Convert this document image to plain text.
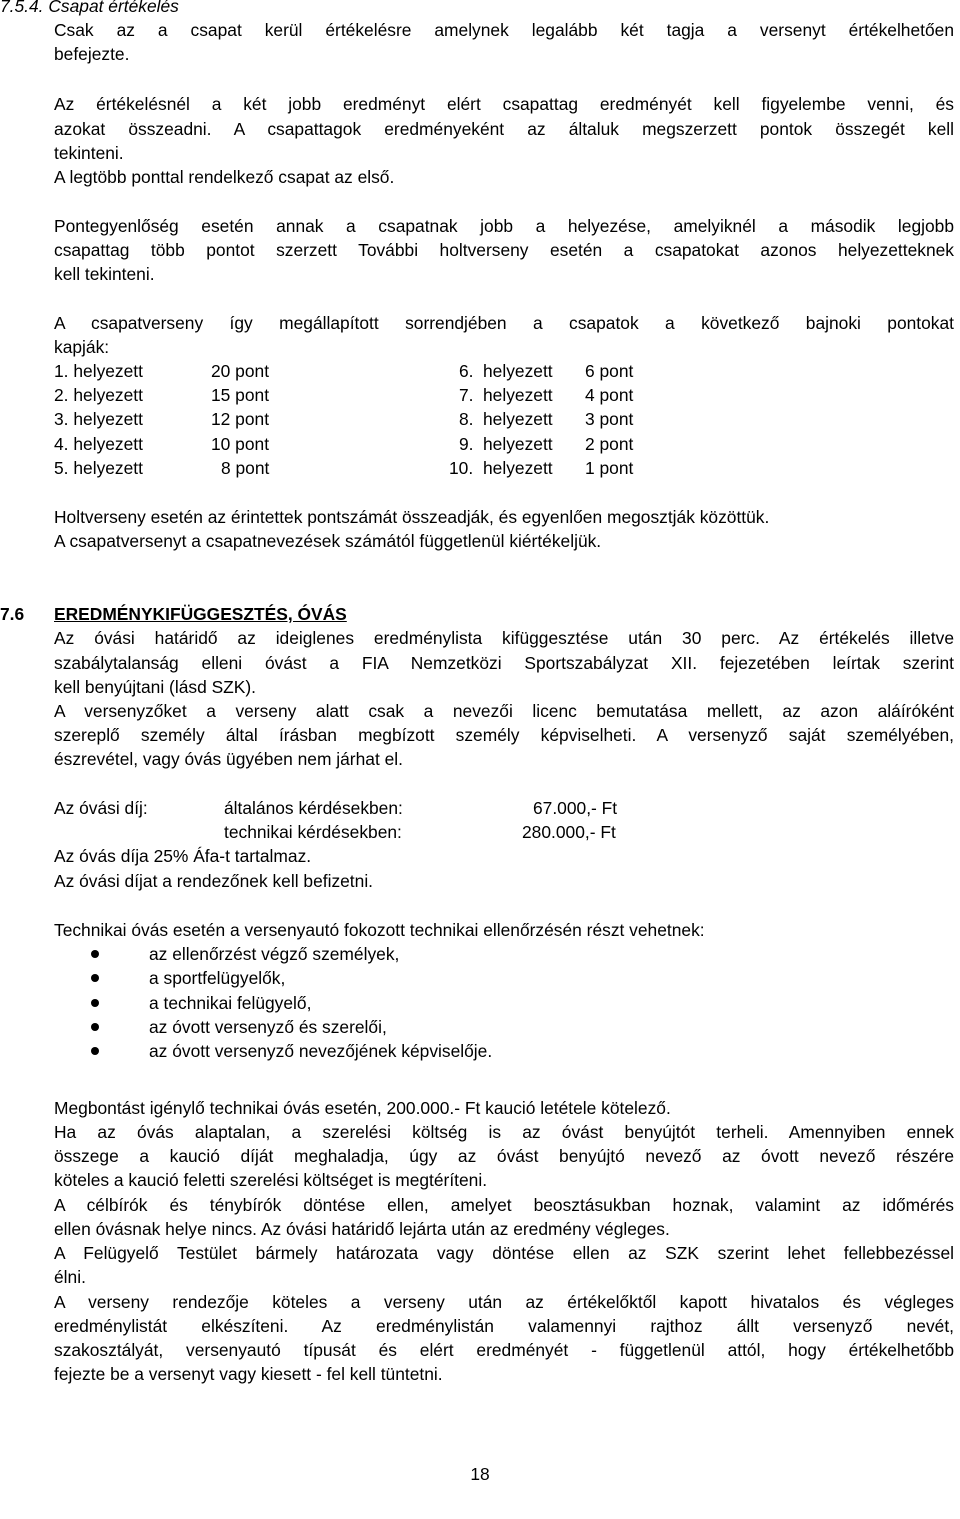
7.5.4. Csapat értékelés
Csak az a csapat kerül értékelésre amelynek legalább két tagja a versenyt értékelhetően
befejezte.
Az értékelésnél a két jobb eredményt elért csapattag eredményét kell figyelembe venni, és
azokat összeadni. A csapattagok eredményeként az általuk megszerzett pontok összegét kell
tekinteni.
A legtöbb ponttal rendelkező csapat az első.
Pontegyenlőség esetén annak a csapatnak jobb a helyezése, amelyiknél a második legjobb
csapattag több pontot szerzett További holtverseny esetén a csapatokat azonos helyezetteknek
kell tekinteni.
A csapatverseny így megállapított sorrendjében a csapatok a következő bajnoki pontokat
kapják:
1. helyezett	20 pont
2. helyezett	15 pont
3. helyezett	12 pont
4. helyezett	10 pont
5. helyezett	8 pont
6. helyezett 6 pont
7. helyezett 4 pont
8. helyezett 3 pont
9. helyezett 2 pont
10. helyezett 1 pont
Holtverseny esetén az érintettek pontszámát összeadják, és egyenlően megosztják közöttük.
A csapatversenyt a csapatnevezések számától függetlenül kiértékeljük.
7.6 EREDMÉNYKIFÜGGESZTÉS, ÓVÁS
Az óvási határidő az ideiglenes eredménylista kifüggesztése után 30 perc. Az értékelés illetve
szabálytalanság elleni óvást a FIA Nemzetközi Sportszabályzat XII. fejezetében leírtak szerint
kell benyújtani (lásd SZK).
A versenyzőket a verseny alatt csak a nevezői licenc bemutatása mellett, az azon aláíróként
szereplő személy által írásban megbízott személy képviselheti. A versenyző saját személyében,
észrevétel, vagy óvás ügyében nem járhat el.
Az óvási díj:	általános kérdésekben:	67.000,- Ft
technikai kérdésekben:	280.000,- Ft
Az óvás díja 25% Áfa-t tartalmaz.
Az óvási díjat a rendezőnek kell befizetni.
Technikai óvás esetén a versenyautó fokozott technikai ellenőrzésén részt vehetnek:
az ellenőrzést végző személyek,
a sportfelügyelők,
a technikai felügyelő,
az óvott versenyző és szerelői,
az óvott versenyző nevezőjének képviselője.
Megbontást igénylő technikai óvás esetén, 200.000.- Ft kaució letétele kötelező.
Ha az óvás alaptalan, a szerelési költség is az óvást benyújtót terheli. Amennyiben ennek
összege a kaució díját meghaladja, úgy az óvást benyújtó nevező az óvott nevező részére
köteles a kaució feletti szerelési költséget is megtéríteni.
A célbírók és ténybírók döntése ellen, amelyet beosztásukban hoznak, valamint az időmérés
ellen óvásnak helye nincs. Az óvási határidő lejárta után az eredmény végleges.
A Felügyelő Testület bármely határozata vagy döntése ellen az SZK szerint lehet fellebbezéssel
élni.
A verseny rendezője köteles a verseny után az értékelőktől kapott hivatalos és végleges
eredménylistát elkészíteni. Az eredménylistán valamennyi rajthoz állt versenyző nevét,
szakosztályát, versenyautó típusát és elért eredményét - függetlenül attól, hogy értékelhetőbb
fejezte be a versenyt vagy kiesett - fel kell tüntetni.
18
